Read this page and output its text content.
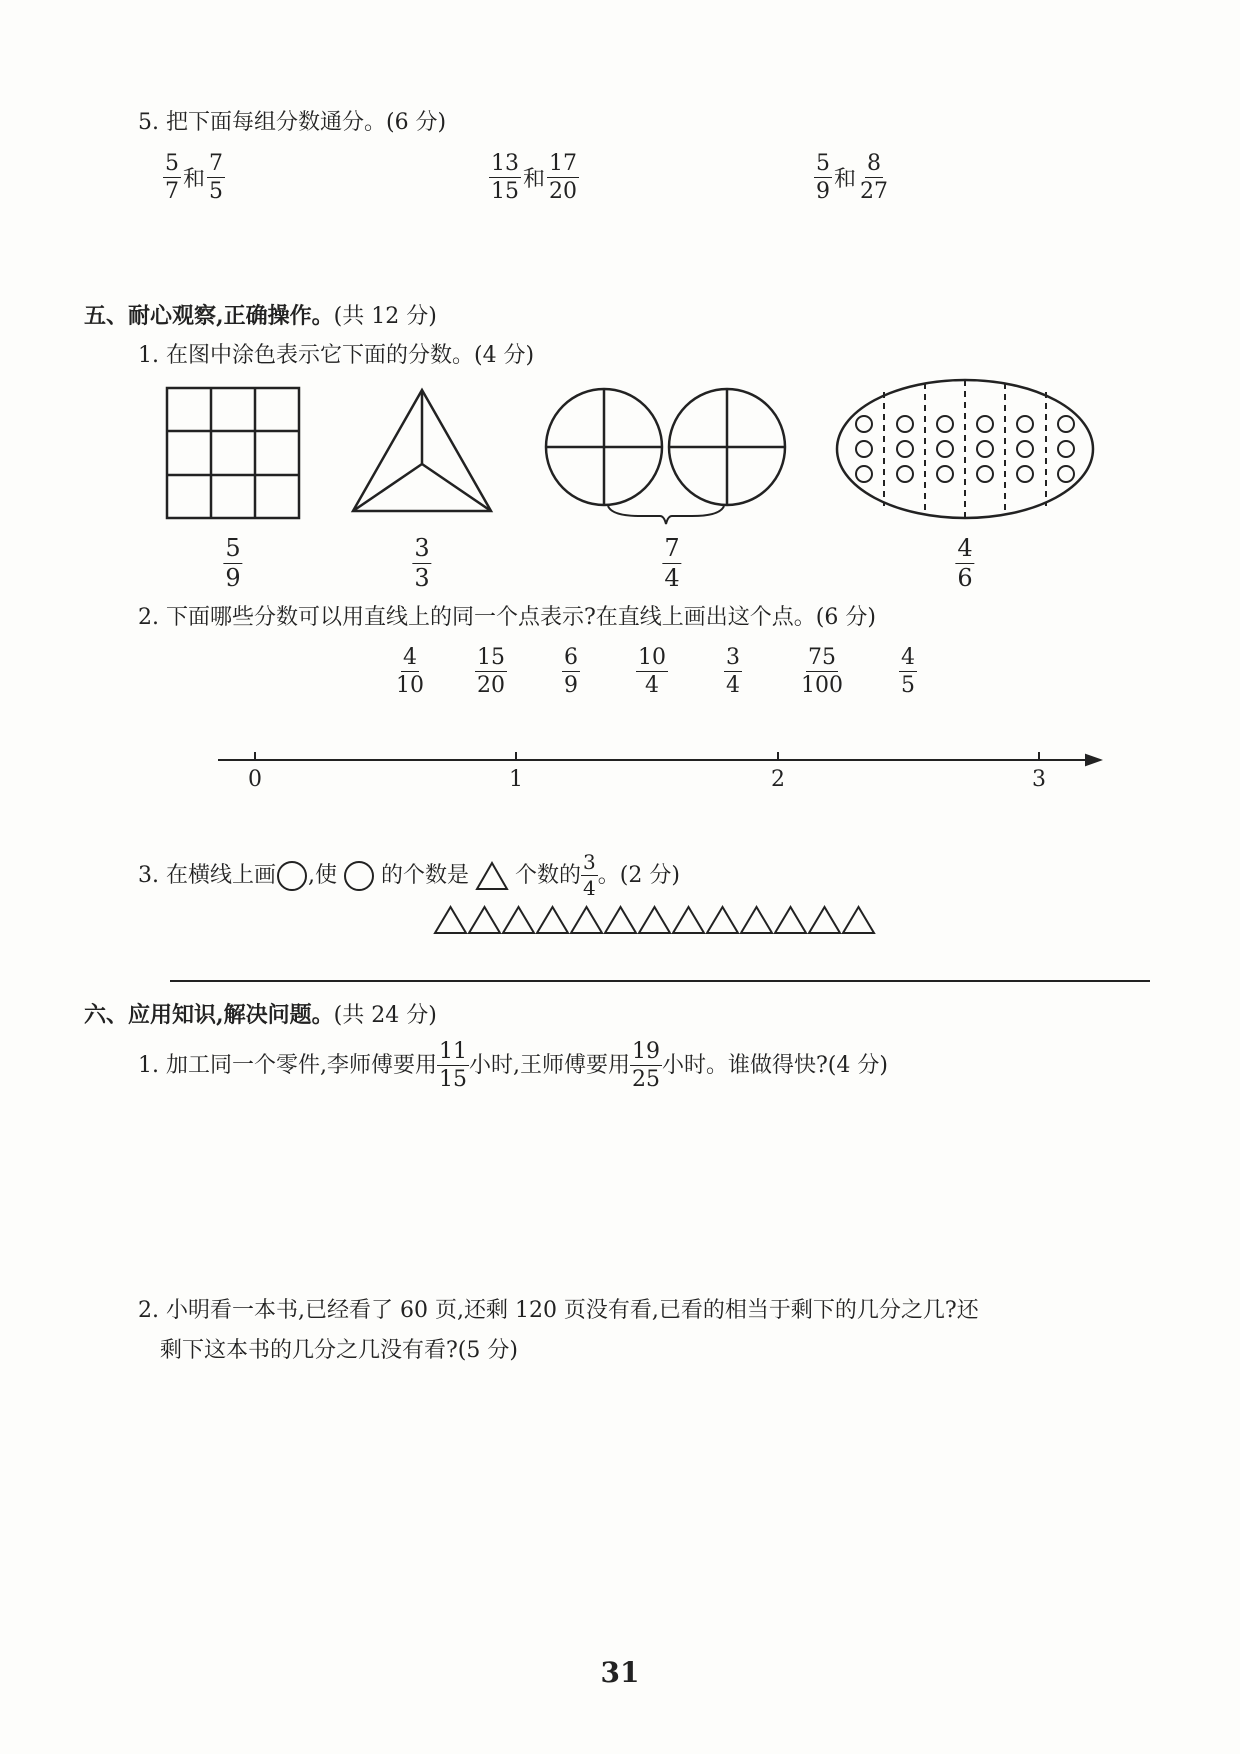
5. 把下面每组分数通分。(6 分)
$\frac{5}{7}$ 和 $\frac{7}{5}$	$\frac{13}{15}$ 和 $\frac{17}{20}$	$\frac{5}{9}$ 和 $\frac{8}{27}$
五、耐心观察,正确操作。(共 12 分)
1. 在图中涂色表示它下面的分数。(4 分)
$\frac{5}{9}$	$\frac{3}{3}$	$\frac{7}{4}$	$\frac{4}{6}$
2. 下面哪些分数可以用直线上的同一个点表示?在直线上画出这个点。(6 分)
$\frac{4}{10} \frac{15}{20}$	$\frac{6}{9}$	$\frac{10}{4}$	$\frac{3}{4}$	$\frac{75}{100} \frac{4}{5}$
0	1	2	3
3. 在横线上画 ,使 的个数是 个数的 $\frac{3}{4}$ 。(2 分)
六、应用知识,解决问题。(共 24 分)
1. 加工同一个零件,李师傅要用 $\frac{11}{15}$ 小时,王师傅要用 $\frac{19}{25}$ 小时。谁做得快?(4 分)
2. 小明看一本书,已经看了 60 页,还剩 120 页没有看,已看的相当于剩下的几分之几?还
剩下这本书的几分之几没有看?(5 分)
31
